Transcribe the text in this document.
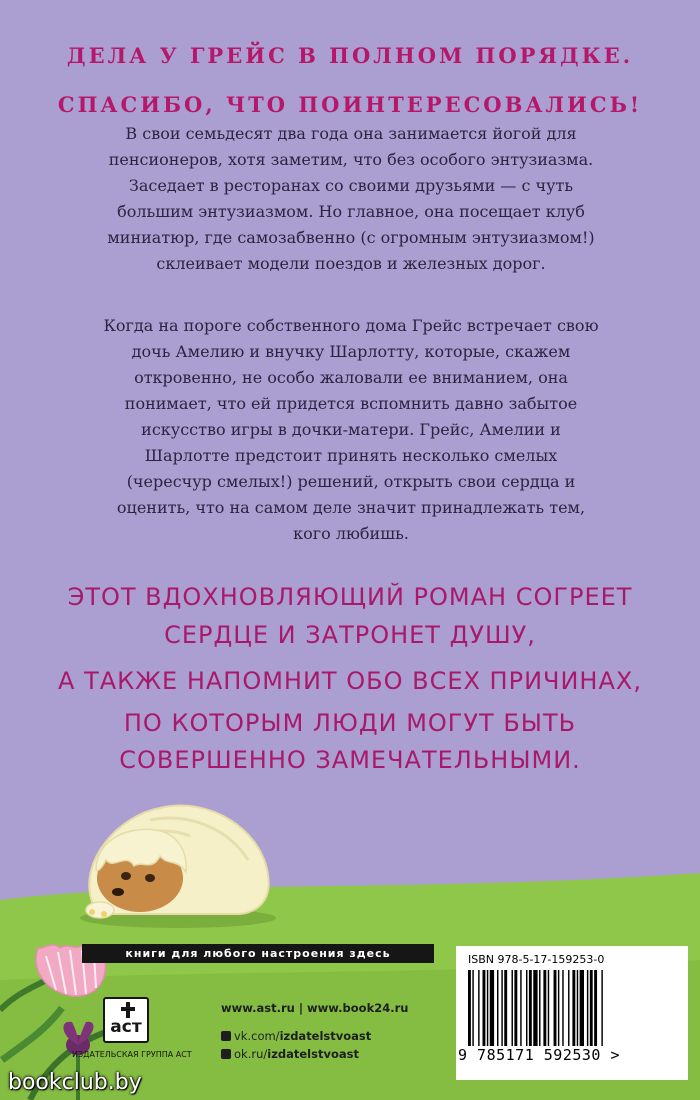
ДЕЛА У ГРЕЙС В ПОЛНОМ ПОРЯДКЕ.
СПАСИБО, ЧТО ПОИНТЕРЕСОВАЛИСЬ!

В свои семьдесят два года она занимается йогой для пенсионеров, хотя заметим, что без особого энтузиазма. Заседает в ресторанах со своими друзьями — с чуть большим энтузиазмом. Но главное, она посещает клуб миниатюр, где самозабвенно (с огромным энтузиазмом!) склеивает модели поездов и железных дорог.

Когда на пороге собственного дома Грейс встречает свою дочь Амелию и внучку Шарлотту, которые, скажем откровенно, не особо жаловали ее вниманием, она понимает, что ей придется вспомнить давно забытое искусство игры в дочки-матери. Грейс, Амелии и Шарлотте предстоит принять несколько смелых (чересчур смелых!) решений, открыть свои сердца и оценить, что на самом деле значит принадлежать тем, кого любишь.

ЭТОТ ВДОХНОВЛЯЮЩИЙ РОМАН СОГРЕЕТ
СЕРДЦЕ И ЗАТРОНЕТ ДУШУ,
А ТАКЖЕ НАПОМНИТ ОБО ВСЕХ ПРИЧИНАХ,
ПО КОТОРЫМ ЛЮДИ МОГУТ БЫТЬ
СОВЕРШЕННО ЗАМЕЧАТЕЛЬНЫМИ.
книги для любого настроения здесь
аст
ИЗДАТЕЛЬСКАЯ ГРУППА АСТ
www.ast.ru | www.book24.ru
vk.com/izdatelstvoast
ok.ru/izdatelstvoast
ISBN 978-5-17-159253-0
9 785171 592530 >
bookclub.by
